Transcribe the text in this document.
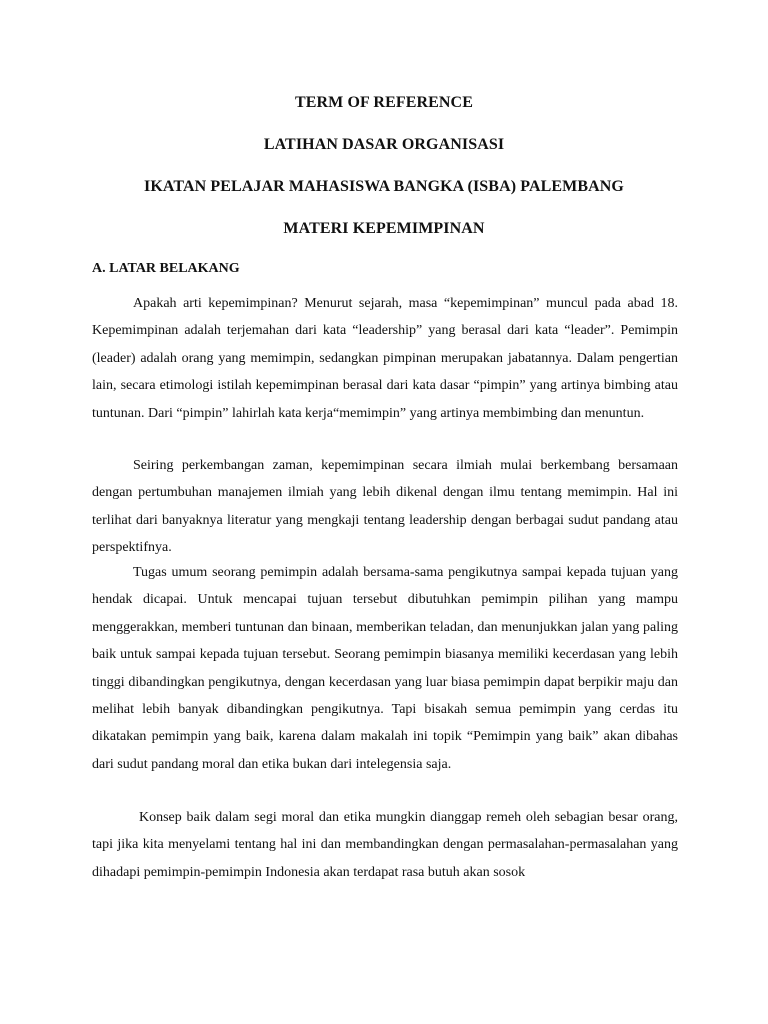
TERM OF REFERENCE
LATIHAN DASAR ORGANISASI
IKATAN PELAJAR MAHASISWA BANGKA (ISBA) PALEMBANG
MATERI KEPEMIMPINAN
A. LATAR BELAKANG

Apakah arti kepemimpinan? Menurut sejarah, masa “kepemimpinan” muncul pada abad 18. Kepemimpinan adalah terjemahan dari kata “leadership” yang berasal dari kata “leader”. Pemimpin (leader) adalah orang yang memimpin, sedangkan pimpinan merupakan jabatannya. Dalam pengertian lain, secara etimologi istilah kepemimpinan berasal dari kata dasar “pimpin” yang artinya bimbing atau tuntunan. Dari “pimpin” lahirlah kata kerja“memimpin” yang artinya membimbing dan menuntun.

Seiring perkembangan zaman, kepemimpinan secara ilmiah mulai berkembang bersamaan dengan pertumbuhan manajemen ilmiah yang lebih dikenal dengan ilmu tentang memimpin. Hal ini terlihat dari banyaknya literatur yang mengkaji tentang leadership dengan berbagai sudut pandang atau perspektifnya.

Tugas umum seorang pemimpin adalah bersama-sama pengikutnya sampai kepada tujuan yang hendak dicapai. Untuk mencapai tujuan tersebut dibutuhkan pemimpin pilihan yang mampu menggerakkan, memberi tuntunan dan binaan, memberikan teladan, dan menunjukkan jalan yang paling baik untuk sampai kepada tujuan tersebut. Seorang pemimpin biasanya memiliki kecerdasan yang lebih tinggi dibandingkan pengikutnya, dengan kecerdasan yang luar biasa pemimpin dapat berpikir maju dan melihat lebih banyak dibandingkan pengikutnya. Tapi bisakah semua pemimpin yang cerdas itu dikatakan pemimpin yang baik, karena dalam makalah ini topik “Pemimpin yang baik” akan dibahas dari sudut pandang moral dan etika bukan dari intelegensia saja.

Konsep baik dalam segi moral dan etika mungkin dianggap remeh oleh sebagian besar orang, tapi jika kita menyelami tentang hal ini dan membandingkan dengan permasalahan-permasalahan yang dihadapi pemimpin-pemimpin Indonesia akan terdapat rasa butuh akan sosok
